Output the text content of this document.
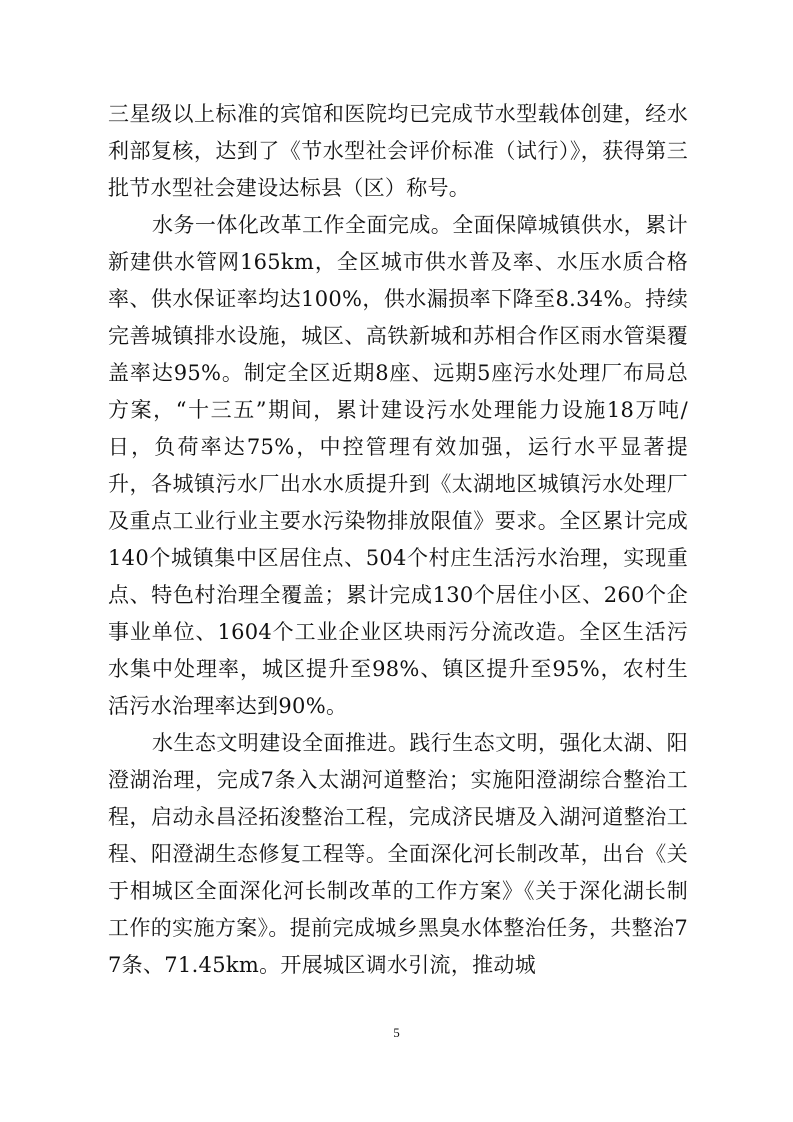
三星级以上标准的宾馆和医院均已完成节水型载体创建，经水利部复核，达到了《节水型社会评价标准（试行）》，获得第三批节水型社会建设达标县（区）称号。

水务一体化改革工作全面完成。全面保障城镇供水，累计新建供水管网165km，全区城市供水普及率、水压水质合格率、供水保证率均达100%，供水漏损率下降至8.34%。持续完善城镇排水设施，城区、高铁新城和苏相合作区雨水管渠覆盖率达95%。制定全区近期8座、远期5座污水处理厂布局总方案，“十三五”期间，累计建设污水处理能力设施18万吨/日，负荷率达75%，中控管理有效加强，运行水平显著提升，各城镇污水厂出水水质提升到《太湖地区城镇污水处理厂及重点工业行业主要水污染物排放限值》要求。全区累计完成140个城镇集中区居住点、504个村庄生活污水治理，实现重点、特色村治理全覆盖；累计完成130个居住小区、260个企事业单位、1604个工业企业区块雨污分流改造。全区生活污水集中处理率，城区提升至98%、镇区提升至95%，农村生活污水治理率达到90%。

水生态文明建设全面推进。践行生态文明，强化太湖、阳澄湖治理，完成7条入太湖河道整治；实施阳澄湖综合整治工程，启动永昌泾拓浚整治工程，完成济民塘及入湖河道整治工程、阳澄湖生态修复工程等。全面深化河长制改革，出台《关于相城区全面深化河长制改革的工作方案》《关于深化湖长制工作的实施方案》。提前完成城乡黑臭水体整治任务，共整治77条、71.45km。开展城区调水引流，推动城

5
